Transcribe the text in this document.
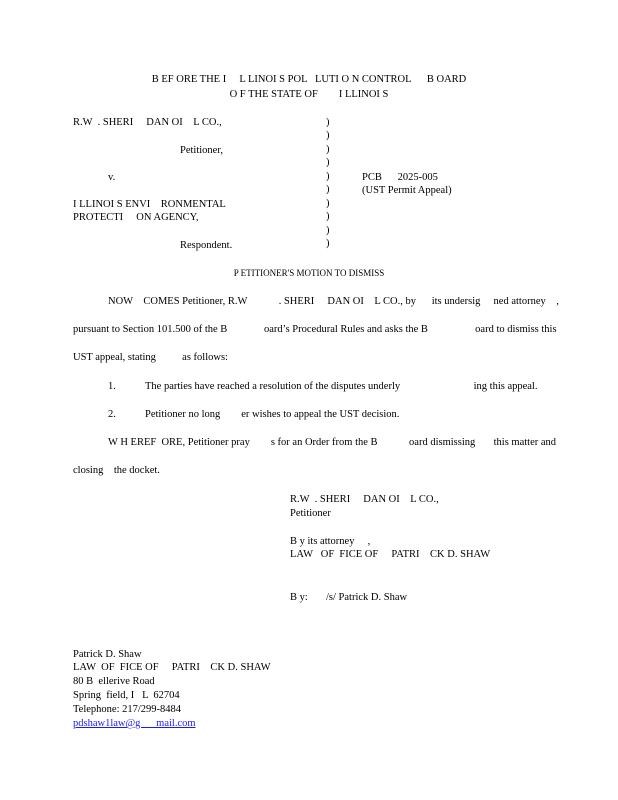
B EF ORE THE I     L LINOI S POL   LUTI O N CONTROL      B OARD
O F THE STATE OF        I LLINOI S
R.W  . SHERI     DAN OI    L CO.,
Petitioner,
v.
I LLINOI S ENVI    RONMENTAL
PROTECTI     ON AGENCY,
Respondent.
)
)
)
)
)
)
)
)
)
)
PCB      2025-005
(UST Permit Appeal)
P ETITIONER'S MOTION TO DISMISS
NOW    COMES Petitioner, R.W            . SHERI     DAN OI    L CO., by      its undersig     ned attorney    ,
pursuant to Section 101.500 of the B              oard’s Procedural Rules and asks the B                  oard to dismiss this
UST appeal, stating          as follows:
1.	The parties have reached a resolution of the disputes underly                            ing this appeal.
2.	Petitioner no long        er wishes to appeal the UST decision.
W H EREF  ORE, Petitioner pray        s for an Order from the B            oard dismissing       this matter and
closing    the docket.
R.W  . SHERI     DAN OI    L CO.,
Petitioner
B y its attorney     ,
LAW   OF  FICE OF     PATRI    CK D. SHAW
B y: /s/ Patrick D. Shaw
Patrick D. Shaw
LAW  OF  FICE OF     PATRI    CK D. SHAW
80 B  ellerive Road
Spring  field, I   L  62704
Telephone: 217/299-8484
pdshaw1law@g      mail.com
